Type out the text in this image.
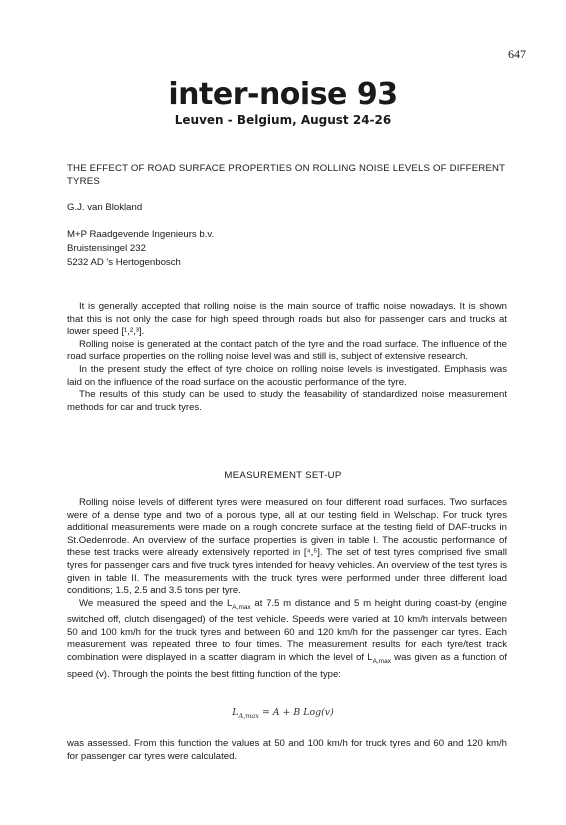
647
inter-noise 93
Leuven - Belgium, August 24-26
THE EFFECT OF ROAD SURFACE PROPERTIES ON ROLLING NOISE LEVELS OF DIFFERENT TYRES
G.J. van Blokland
M+P Raadgevende Ingenieurs b.v.
Bruistensingel 232
5232 AD 's Hertogenbosch

It is generally accepted that rolling noise is the main source of traffic noise nowadays. It is shown that this is not only the case for high speed through roads but also for passenger cars and trucks at lower speed [¹,²,³].

Rolling noise is generated at the contact patch of the tyre and the road surface. The influence of the road surface properties on the rolling noise level was and still is, subject of extensive research.

In the present study the effect of tyre choice on rolling noise levels is investigated. Emphasis was laid on the influence of the road surface on the acoustic performance of the tyre.

The results of this study can be used to study the feasability of standardized noise measurement methods for car and truck tyres.

MEASUREMENT SET-UP

Rolling noise levels of different tyres were measured on four different road surfaces. Two surfaces were of a dense type and two of a porous type, all at our testing field in Welschap. For truck tyres additional measurements were made on a rough concrete surface at the testing field of DAF-trucks in St.Oedenrode. An overview of the surface properties is given in table I. The acoustic performance of these test tracks were already extensively reported in [⁴,⁵]. The set of test tyres comprised five small tyres for passenger cars and five truck tyres intended for heavy vehicles. An overview of the test tyres is given in table II. The measurements with the truck tyres were performed under three different load conditions; 1.5, 2.5 and 3.5 tons per tyre.

We measured the speed and the $L_{A,max}$ at 7.5 m distance and 5 m height during coast-by (engine switched off, clutch disengaged) of the test vehicle. Speeds were varied at 10 km/h intervals between 50 and 100 km/h for the truck tyres and between 60 and 120 km/h for the passenger car tyres. Each measurement was repeated three to four times. The measurement results for each tyre/test track combination were displayed in a scatter diagram in which the level of $L_{A,max}$ was given as a function of speed (v). Through the points the best fitting function of the type:

$L_{A,max} = A + B$ Log(v)

was assessed. From this function the values at 50 and 100 km/h for truck tyres and 60 and 120 km/h for passenger car tyres were calculated.
